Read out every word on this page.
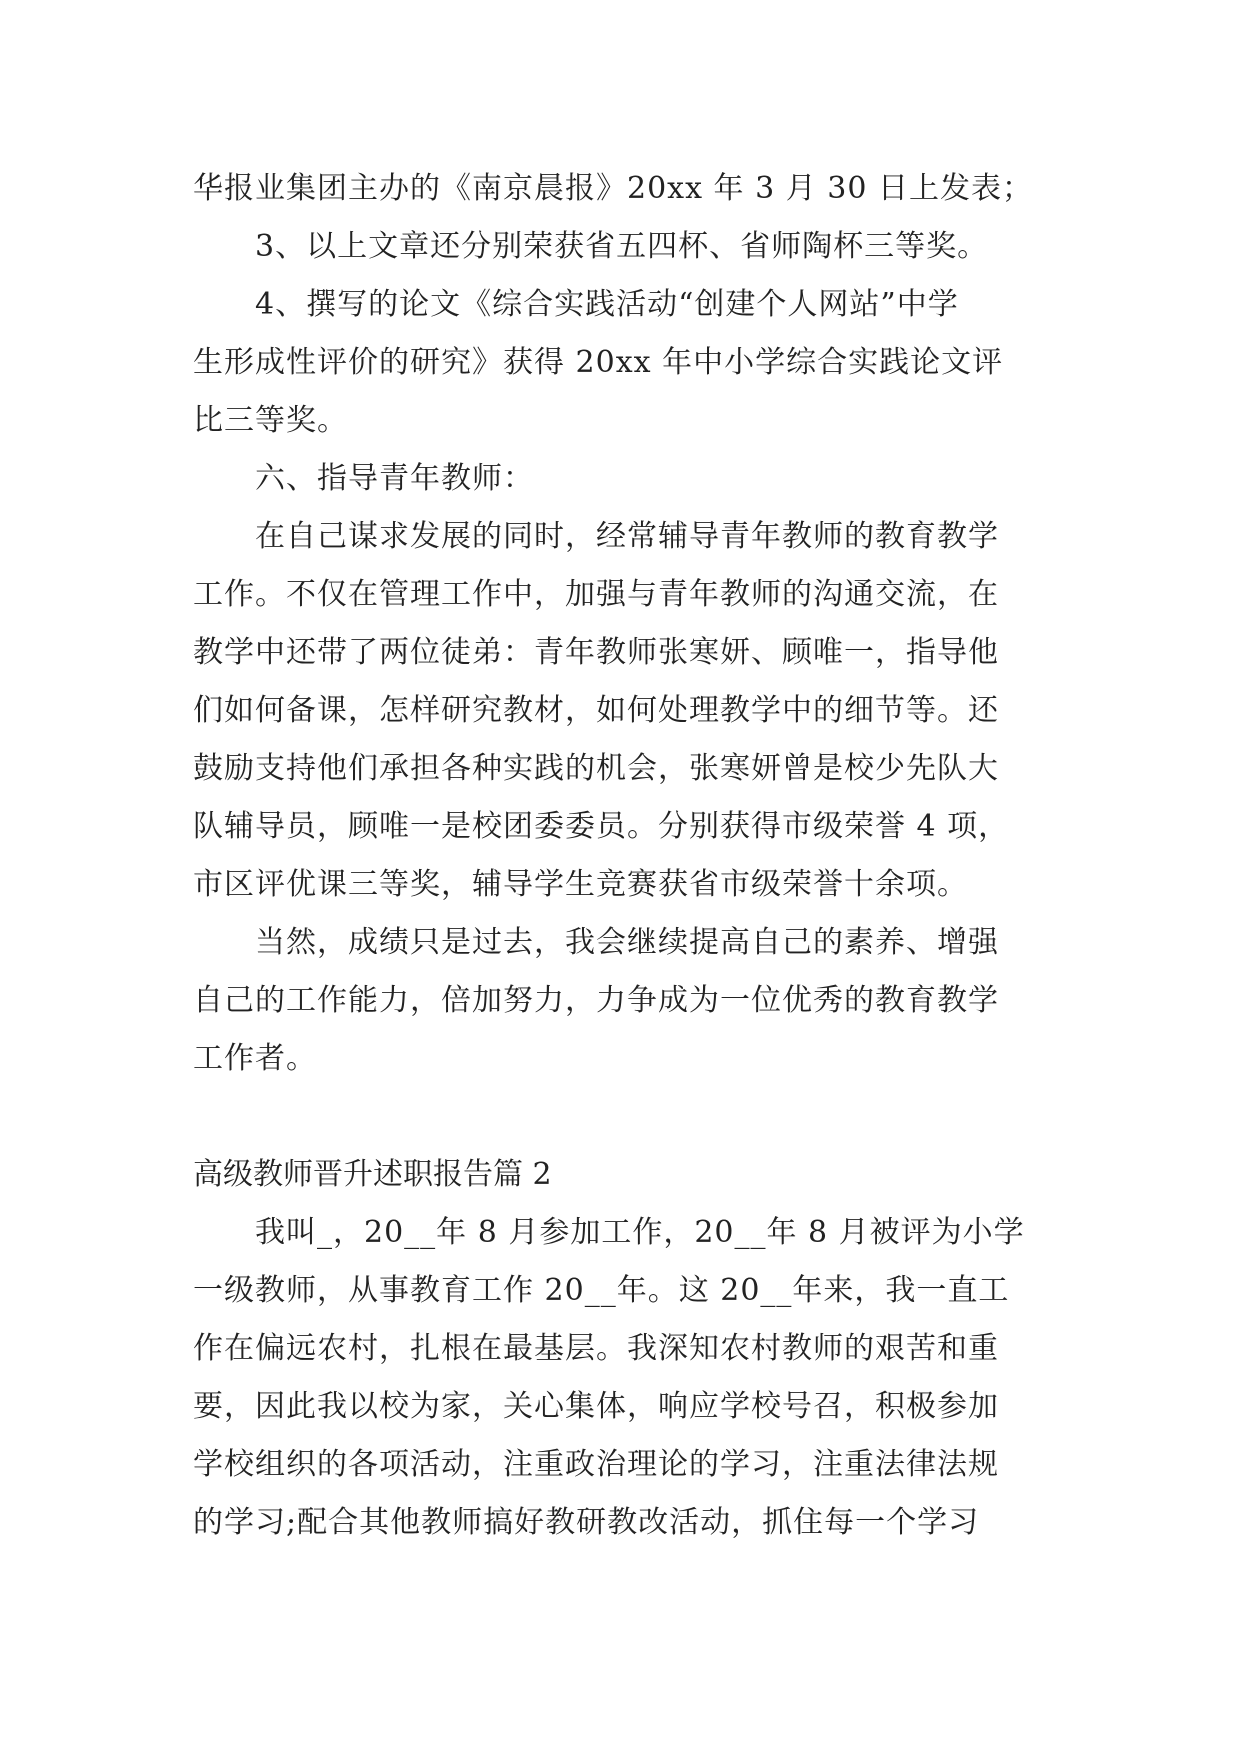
华报业集团主办的《南京晨报》20xx 年 3 月 30 日上发表；
3、以上文章还分别荣获省五四杯、省师陶杯三等奖。
4、撰写的论文《综合实践活动“创建个人网站”中学
生形成性评价的研究》获得 20xx 年中小学综合实践论文评
比三等奖。
六、指导青年教师：
在自己谋求发展的同时，经常辅导青年教师的教育教学
工作。不仅在管理工作中，加强与青年教师的沟通交流，在
教学中还带了两位徒弟：青年教师张寒妍、顾唯一，指导他
们如何备课，怎样研究教材，如何处理教学中的细节等。还
鼓励支持他们承担各种实践的机会，张寒妍曾是校少先队大
队辅导员，顾唯一是校团委委员。分别获得市级荣誉 4 项，
市区评优课三等奖，辅导学生竞赛获省市级荣誉十余项。
当然，成绩只是过去，我会继续提高自己的素养、增强
自己的工作能力，倍加努力，力争成为一位优秀的教育教学
工作者。
高级教师晋升述职报告篇 2
我叫_，20__年 8 月参加工作，20__年 8 月被评为小学
一级教师，从事教育工作 20__年。这 20__年来，我一直工
作在偏远农村，扎根在最基层。我深知农村教师的艰苦和重
要，因此我以校为家，关心集体，响应学校号召，积极参加
学校组织的各项活动，注重政治理论的学习，注重法律法规
的学习;配合其他教师搞好教研教改活动，抓住每一个学习
